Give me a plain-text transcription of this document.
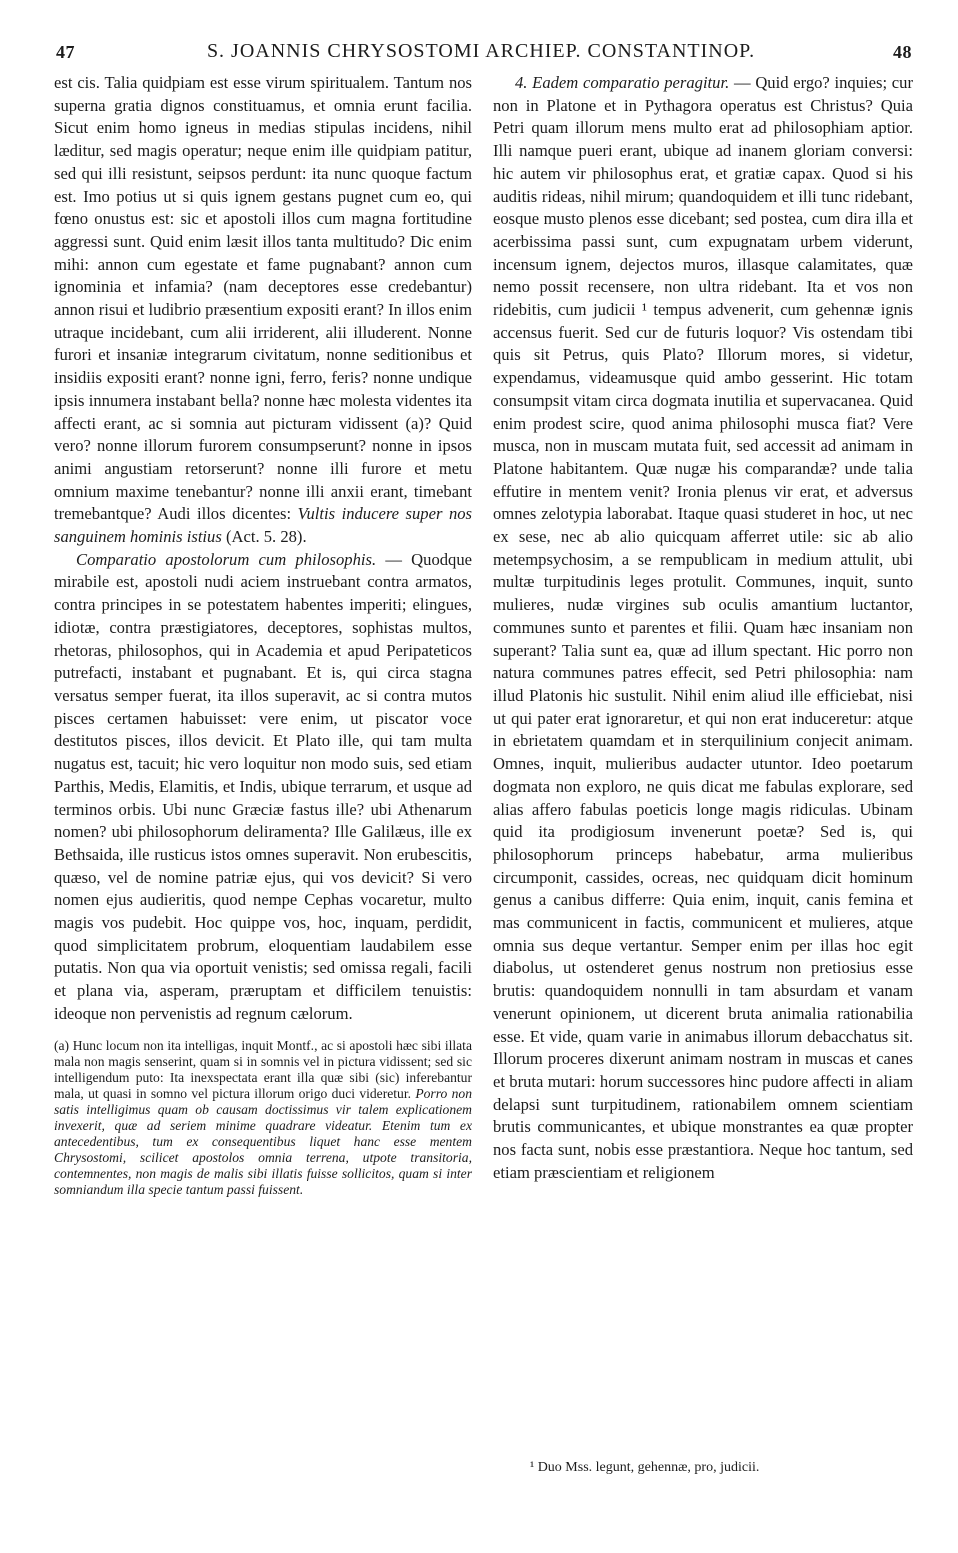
47	S. JOANNIS CHRYSOSTOMI ARCHIEP. CONSTANTINOP.	48

est cis. Talia quidpiam est esse virum spiritualem. Tantum nos superna gratia dignos constituamus, et omnia erunt facilia. Sicut enim homo igneus in medias stipulas incidens, nihil læditur, sed magis operatur; neque enim ille quidpiam patitur, sed qui illi resistunt, seipsos perdunt: ita nunc quoque factum est. Imo potius ut si quis ignem gestans pugnet cum eo, qui fœno onustus est: sic et apostoli illos cum magna fortitudine aggressi sunt. Quid enim læsit illos tanta multitudo? Dic enim mihi: annon cum egestate et fame pugnabant? annon cum ignominia et infamia? (nam deceptores esse credebantur) annon risui et ludibrio præsentium expositi erant? In illos enim utraque incidebant, cum alii irriderent, alii illuderent. Nonne furori et insaniæ integrarum civitatum, nonne seditionibus et insidiis expositi erant? nonne igni, ferro, feris? nonne undique ipsis innumera instabant bella? nonne hæc molesta videntes ita affecti erant, ac si somnia aut picturam vidissent (a)? Quid vero? nonne illorum furorem consumpserunt? nonne in ipsos animi angustiam retorserunt? nonne illi furore et metu omnium maxime tenebantur? nonne illi anxii erant, timebant tremebantque? Audi illos dicentes: Vultis inducere super nos sanguinem hominis istius (Act. 5. 28).

Comparatio apostolorum cum philosophis. — Quodque mirabile est, apostoli nudi aciem instruebant contra armatos, contra principes in se potestatem habentes imperiti; elingues, idiotæ, contra præstigiatores, deceptores, sophistas multos, rhetoras, philosophos, qui in Academia et apud Peripateticos putrefacti, instabant et pugnabant. Et is, qui circa stagna versatus semper fuerat, ita illos superavit, ac si contra mutos pisces certamen habuisset: vere enim, ut piscator voce destitutos pisces, illos devicit. Et Plato ille, qui tam multa nugatus est, tacuit; hic vero loquitur non modo suis, sed etiam Parthis, Medis, Elamitis, et Indis, ubique terrarum, et usque ad terminos orbis. Ubi nunc Græciæ fastus ille? ubi Athenarum nomen? ubi philosophorum deliramenta? Ille Galilæus, ille ex Bethsaida, ille rusticus istos omnes superavit. Non erubescitis, quæso, vel de nomine patriæ ejus, qui vos devicit? Si vero nomen ejus audieritis, quod nempe Cephas vocaretur, multo magis vos pudebit. Hoc quippe vos, hoc, inquam, perdidit, quod simplicitatem probrum, eloquentiam laudabilem esse putatis. Non qua via oportuit venistis; sed omissa regali, facili et plana via, asperam, præruptam et difficilem tenuistis: ideoque non pervenistis ad regnum cælorum.

(a) Hunc locum non ita intelligas, inquit Montf., ac si apostoli hæc sibi illata mala non magis senserint, quam si in somnis vel in pictura vidissent; sed sic intelligendum puto: Ita inexspectata erant illa quæ sibi (sic) inferebantur mala, ut quasi in somno vel pictura illorum origo duci videretur. Porro non satis intelligimus quam ob causam doctissimus vir talem explicationem invexerit, quæ ad seriem minime quadrare videatur. Etenim tum ex antecedentibus, tum ex consequentibus liquet hanc esse mentem Chrysostomi, scilicet apostolos omnia terrena, utpote transitoria, contemnentes, non magis de malis sibi illatis fuisse sollicitos, quam si inter somniandum illa specie tantum passi fuissent.

4. Eadem comparatio peragitur. — Quid ergo? inquies; cur non in Platone et in Pythagora operatus est Christus? Quia Petri quam illorum mens multo erat ad philosophiam aptior. Illi namque pueri erant, ubique ad inanem gloriam conversi: hic autem vir philosophus erat, et gratiæ capax. Quod si his auditis rideas, nihil mirum; quandoquidem et illi tunc ridebant, eosque musto plenos esse dicebant; sed postea, cum dira illa et acerbissima passi sunt, cum expugnatam urbem viderunt, incensum ignem, dejectos muros, illasque calamitates, quæ nemo possit recensere, non ultra ridebant. Ita et vos non ridebitis, cum judicii ¹ tempus advenerit, cum gehennæ ignis accensus fuerit. Sed cur de futuris loquor? Vis ostendam tibi quis sit Petrus, quis Plato? Illorum mores, si videtur, expendamus, videamusque quid ambo gesserint. Hic totam consumpsit vitam circa dogmata inutilia et supervacanea. Quid enim prodest scire, quod anima philosophi musca fiat? Vere musca, non in muscam mutata fuit, sed accessit ad animam in Platone habitantem. Quæ nugæ his comparandæ? unde talia effutire in mentem venit? Ironia plenus vir erat, et adversus omnes zelotypia laborabat. Itaque quasi studeret in hoc, ut nec ex sese, nec ab alio quicquam afferret utile: sic ab alio metempsychosim, a se rempublicam in medium attulit, ubi multæ turpitudinis leges protulit. Communes, inquit, sunto mulieres, nudæ virgines sub oculis amantium luctantor, communes sunto et parentes et filii. Quam hæc insaniam non superant? Talia sunt ea, quæ ad illum spectant. Hic porro non natura communes patres effecit, sed Petri philosophia: nam illud Platonis hic sustulit. Nihil enim aliud ille efficiebat, nisi ut qui pater erat ignoraretur, et qui non erat induceretur: atque in ebrietatem quamdam et in sterquilinium conjecit animam. Omnes, inquit, mulieribus audacter utuntor. Ideo poetarum dogmata non exploro, ne quis dicat me fabulas explorare, sed alias affero fabulas poeticis longe magis ridiculas. Ubinam quid ita prodigiosum invenerunt poetæ? Sed is, qui philosophorum princeps habebatur, arma mulieribus circumponit, cassides, ocreas, nec quidquam dicit hominum genus a canibus differre: Quia enim, inquit, canis femina et mas communicent in factis, communicent et mulieres, atque omnia sus deque vertantur. Semper enim per illas hoc egit diabolus, ut ostenderet genus nostrum non pretiosius esse brutis: quandoquidem nonnulli in tam absurdam et vanam venerunt opinionem, ut dicerent bruta animalia rationabilia esse. Et vide, quam varie in animabus illorum debacchatus sit. Illorum proceres dixerunt animam nostram in muscas et canes et bruta mutari: horum successores hinc pudore affecti in aliam delapsi sunt turpitudinem, rationabilem omnem scientiam brutis communicantes, et ubique monstrantes ea quæ propter nos facta sunt, nobis esse præstantiora. Neque hoc tantum, sed etiam præscientiam et religionem

¹ Duo Mss. legunt, gehennæ, pro, judicii.
